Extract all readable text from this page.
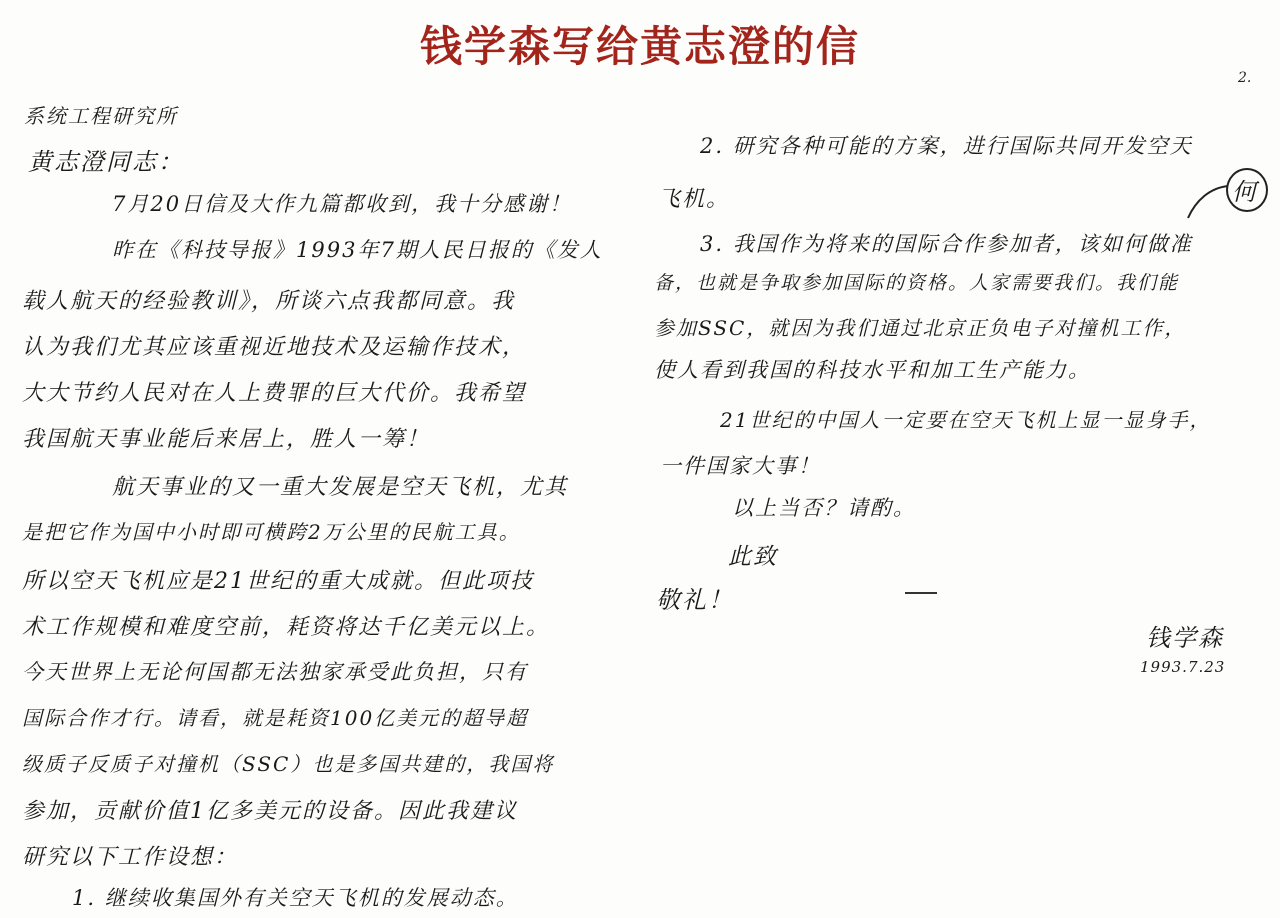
钱学森写给黄志澄的信
2.
系统工程研究所
黄志澄同志：
7月20日信及大作九篇都收到，我十分感谢！
昨在《科技导报》1993年7期人民日报的《发人
载人航天的经验教训》，所谈六点我都同意。我
认为我们尤其应该重视近地技术及运输作技术，
大大节约人民对在人上费罪的巨大代价。我希望
我国航天事业能后来居上，胜人一筹！
航天事业的又一重大发展是空天飞机，尤其
是把它作为国中小时即可横跨2万公里的民航工具。
所以空天飞机应是21世纪的重大成就。但此项技
术工作规模和难度空前，耗资将达千亿美元以上。
今天世界上无论何国都无法独家承受此负担，只有
国际合作才行。请看，就是耗资100亿美元的超导超
级质子反质子对撞机（SSC）也是多国共建的，我国将
参加，贡献价值1亿多美元的设备。因此我建议
研究以下工作设想：
1. 继续收集国外有关空天飞机的发展动态。
2. 研究各种可能的方案，进行国际共同开发空天
飞机。
3. 我国作为将来的国际合作参加者，该如何做准
备，也就是争取参加国际的资格。人家需要我们。我们能
参加SSC，就因为我们通过北京正负电子对撞机工作，
使人看到我国的科技水平和加工生产能力。
21世纪的中国人一定要在空天飞机上显一显身手，
一件国家大事！
以上当否？请酌。
此致
敬礼！
何
钱学森
1993.7.23
